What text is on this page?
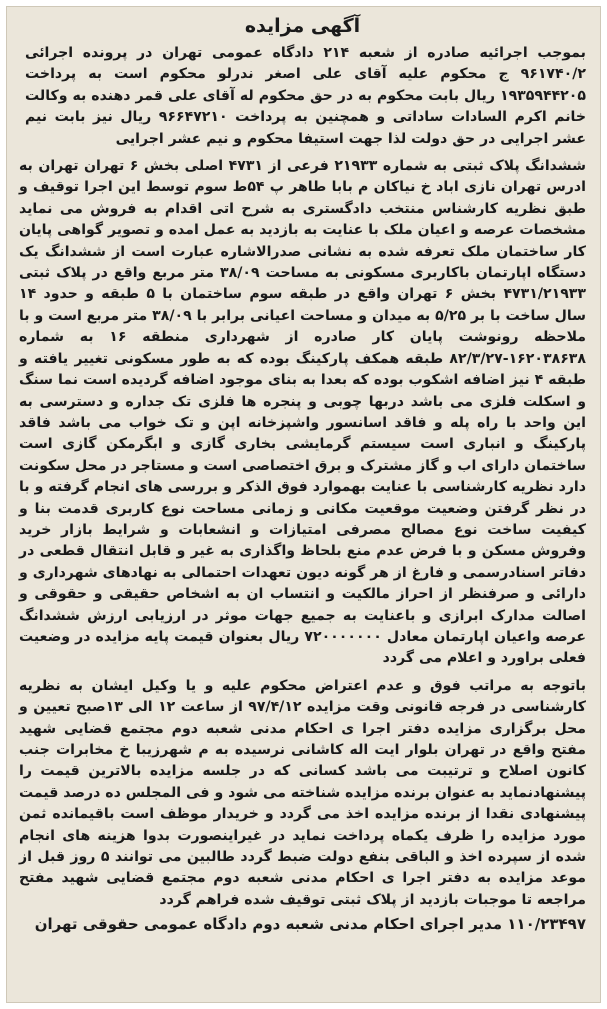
آگهی مزایده

بموجب اجرائیه صادره از شعبه ۲۱۴ دادگاه عمومی تهران در پرونده اجرائی ۹۶۱۷۴۰/۲ ج محکوم علیه آقای علی اصغر ندرلو محکوم است به پرداخت ۱۹۳۵۹۴۴۲۰۵ ریال بابت محکوم به در حق محکوم له آقای علی قمر دهنده به وکالت خانم اکرم السادات ساداتی و همچنین به پرداخت ۹۶۶۴۷۲۱۰ ریال نیز بابت نیم عشر اجرایی در حق دولت لذا جهت استیفا محکوم و نیم عشر اجرایی

ششدانگ پلاک ثبتی به شماره ۲۱۹۳۳ فرعی از ۴۷۳۱ اصلی بخش ۶ تهران تهران به ادرس تهران نازی اباد خ نیاکان م بابا طاهر پ ۵۴ط سوم توسط این اجرا توقیف و طبق نظریه کارشناس منتخب دادگستری به شرح اتی اقدام به فروش می نماید مشخصات عرصه و اعیان ملک با عنایت به بازدید به عمل امده و تصویر گواهی پایان کار ساختمان ملک تعرفه شده به نشانی صدرالاشاره عبارت است از ششدانگ یک دستگاه اپارتمان باکاربری مسکونی به مساحت ۳۸/۰۹ متر مربع واقع در پلاک ثبتی ۴۷۳۱/۲۱۹۳۳ بخش ۶ تهران واقع در طبقه سوم ساختمان با ۵ طبقه و حدود ۱۴ سال ساخت با بر ۵/۲۵ به میدان و مساحت اعیانی برابر با ۳۸/۰۹ متر مربع است و با ملاحظه رونوشت پایان کار صادره از شهرداری منطقه ۱۶ به شماره ۱۶۲۰۳۸۶۳۸-۸۲/۳/۲۷ طبقه همکف پارکینگ بوده که به طور مسکونی تغییر یافته و طبقه ۴ نیز اضافه اشکوب بوده که بعدا به بنای موجود اضافه گردیده است نما سنگ و اسکلت فلزی می باشد دربها چوبی و پنجره ها فلزی تک جداره و دسترسی به این واحد با راه پله و فاقد اسانسور واشپزخانه اپن و تک خواب می باشد فاقد پارکینگ و انباری است سیستم گرمایشی بخاری گازی و ابگرمکن گازی است ساختمان دارای اب و گاز مشترک و برق اختصاصی است و مستاجر در محل سکونت دارد نظریه کارشناسی با عنایت بهموارد فوق الذکر و بررسی های انجام گرفته و با در نظر گرفتن وضعیت موقعیت مکانی و زمانی مساحت نوع کاربری قدمت بنا و کیفیت ساخت نوع مصالح مصرفی امتیازات و انشعابات و شرایط بازار خرید وفروش مسکن و با فرض عدم منع بلحاظ واگذاری به غیر و قابل انتقال قطعی در دفاتر اسنادرسمی و فارغ از هر گونه دیون تعهدات احتمالی به نهادهای شهرداری و دارائی و صرفنظر از احراز مالکیت و انتساب ان به اشخاص حقیقی و حقوقی و اصالت مدارک ابرازی و باعنایت به جمیع جهات موثر در ارزیابی ارزش ششدانگ عرصه واعیان اپارتمان معادل ۷۲۰۰۰۰۰۰۰ ریال بعنوان قیمت پایه مزایده در وضعیت فعلی براورد و اعلام می گردد

باتوجه به مراتب فوق و عدم اعتراض محکوم علیه و یا وکیل ایشان به نظریه کارشناسی در فرجه قانونی وقت مزایده ۹۷/۴/۱۲ از ساعت ۱۲ الی ۱۳صبح تعیین و محل برگزاری مزایده دفتر اجرا ی احکام مدنی شعبه دوم مجتمع قضایی شهید مفتح واقع در تهران بلوار ایت اله کاشانی نرسیده به م شهرزیبا خ مخابرات جنب کانون اصلاح و ترتیبت می باشد کسانی که در جلسه مزایده بالاترین قیمت را پیشنهادنماید به عنوان برنده مزایده شناخته می شود و فی المجلس ده درصد قیمت پیشنهادی نقدا از برنده مزایده اخذ می گردد و خریدار موظف است باقیمانده ثمن مورد مزایده را ظرف یکماه پرداخت نماید در غیراینصورت بدوا هزینه های انجام شده از سپرده اخذ و الباقی بنفع دولت ضبط گردد طالبین می توانند ۵ روز قبل از موعد مزایده به دفتر اجرا ی احکام مدنی شعبه دوم مجتمع قضایی شهید مفتح مراجعه تا موجبات بازدید از پلاک ثبتی توقیف شده فراهم گردد

۱۱۰/۲۳۴۹۷ مدیر اجرای احکام مدنی شعبه دوم دادگاه عمومی حقوقی تهران
